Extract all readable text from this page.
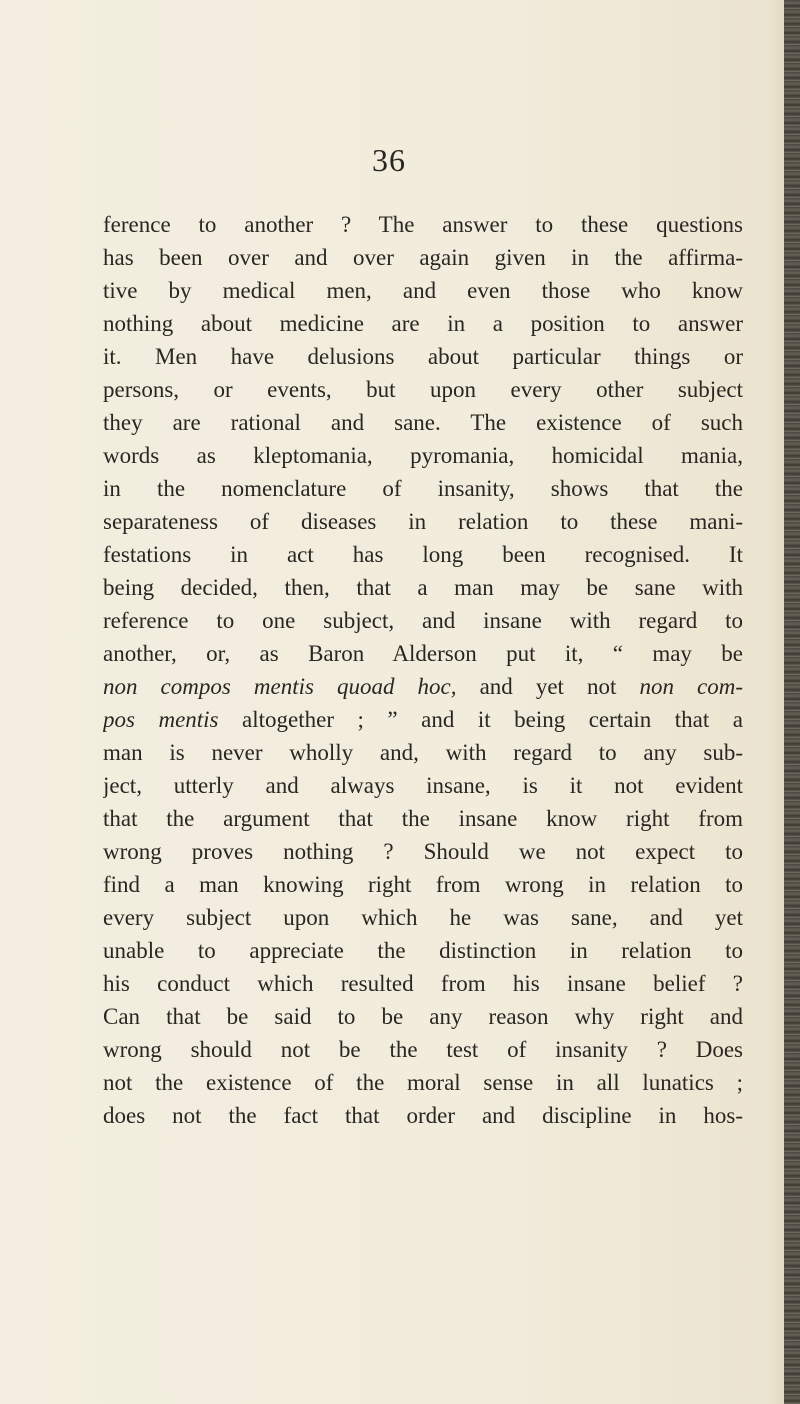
36
ference to another ? The answer to these questions
has been over and over again given in the affirma-
tive by medical men, and even those who know
nothing about medicine are in a position to answer
it. Men have delusions about particular things or
persons, or events, but upon every other subject
they are rational and sane. The existence of such
words as kleptomania, pyromania, homicidal mania,
in the nomenclature of insanity, shows that the
separateness of diseases in relation to these mani-
festations in act has long been recognised. It
being decided, then, that a man may be sane with
reference to one subject, and insane with regard to
another, or, as Baron Alderson put it, “ may be
non compos mentis quoad hoc, and yet not non com-
pos mentis altogether ; ” and it being certain that a
man is never wholly and, with regard to any sub-
ject, utterly and always insane, is it not evident
that the argument that the insane know right from
wrong proves nothing ? Should we not expect to
find a man knowing right from wrong in relation to
every subject upon which he was sane, and yet
unable to appreciate the distinction in relation to
his conduct which resulted from his insane belief ?
Can that be said to be any reason why right and
wrong should not be the test of insanity ? Does
not the existence of the moral sense in all lunatics ;
does not the fact that order and discipline in hos-
